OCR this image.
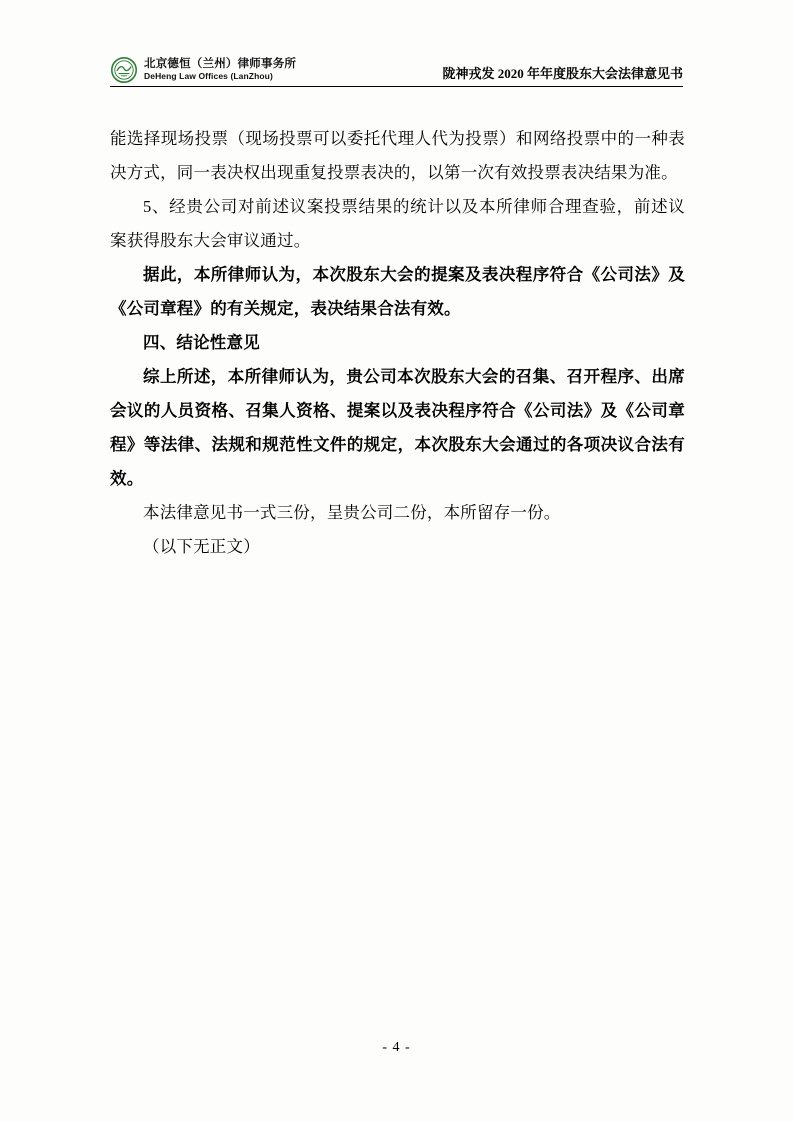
北京德恒（兰州）律师事务所
DeHeng Law Offices (LanZhou)	陇神戎发 2020 年年度股东大会法律意见书

能选择现场投票（现场投票可以委托代理人代为投票）和网络投票中的一种表决方式，同一表决权出现重复投票表决的，以第一次有效投票表决结果为准。

5、经贵公司对前述议案投票结果的统计以及本所律师合理查验，前述议案获得股东大会审议通过。

据此，本所律师认为，本次股东大会的提案及表决程序符合《公司法》及《公司章程》的有关规定，表决结果合法有效。

四、结论性意见

综上所述，本所律师认为，贵公司本次股东大会的召集、召开程序、出席会议的人员资格、召集人资格、提案以及表决程序符合《公司法》及《公司章程》等法律、法规和规范性文件的规定，本次股东大会通过的各项决议合法有效。

本法律意见书一式三份，呈贵公司二份，本所留存一份。

（以下无正文）

- 4 -
